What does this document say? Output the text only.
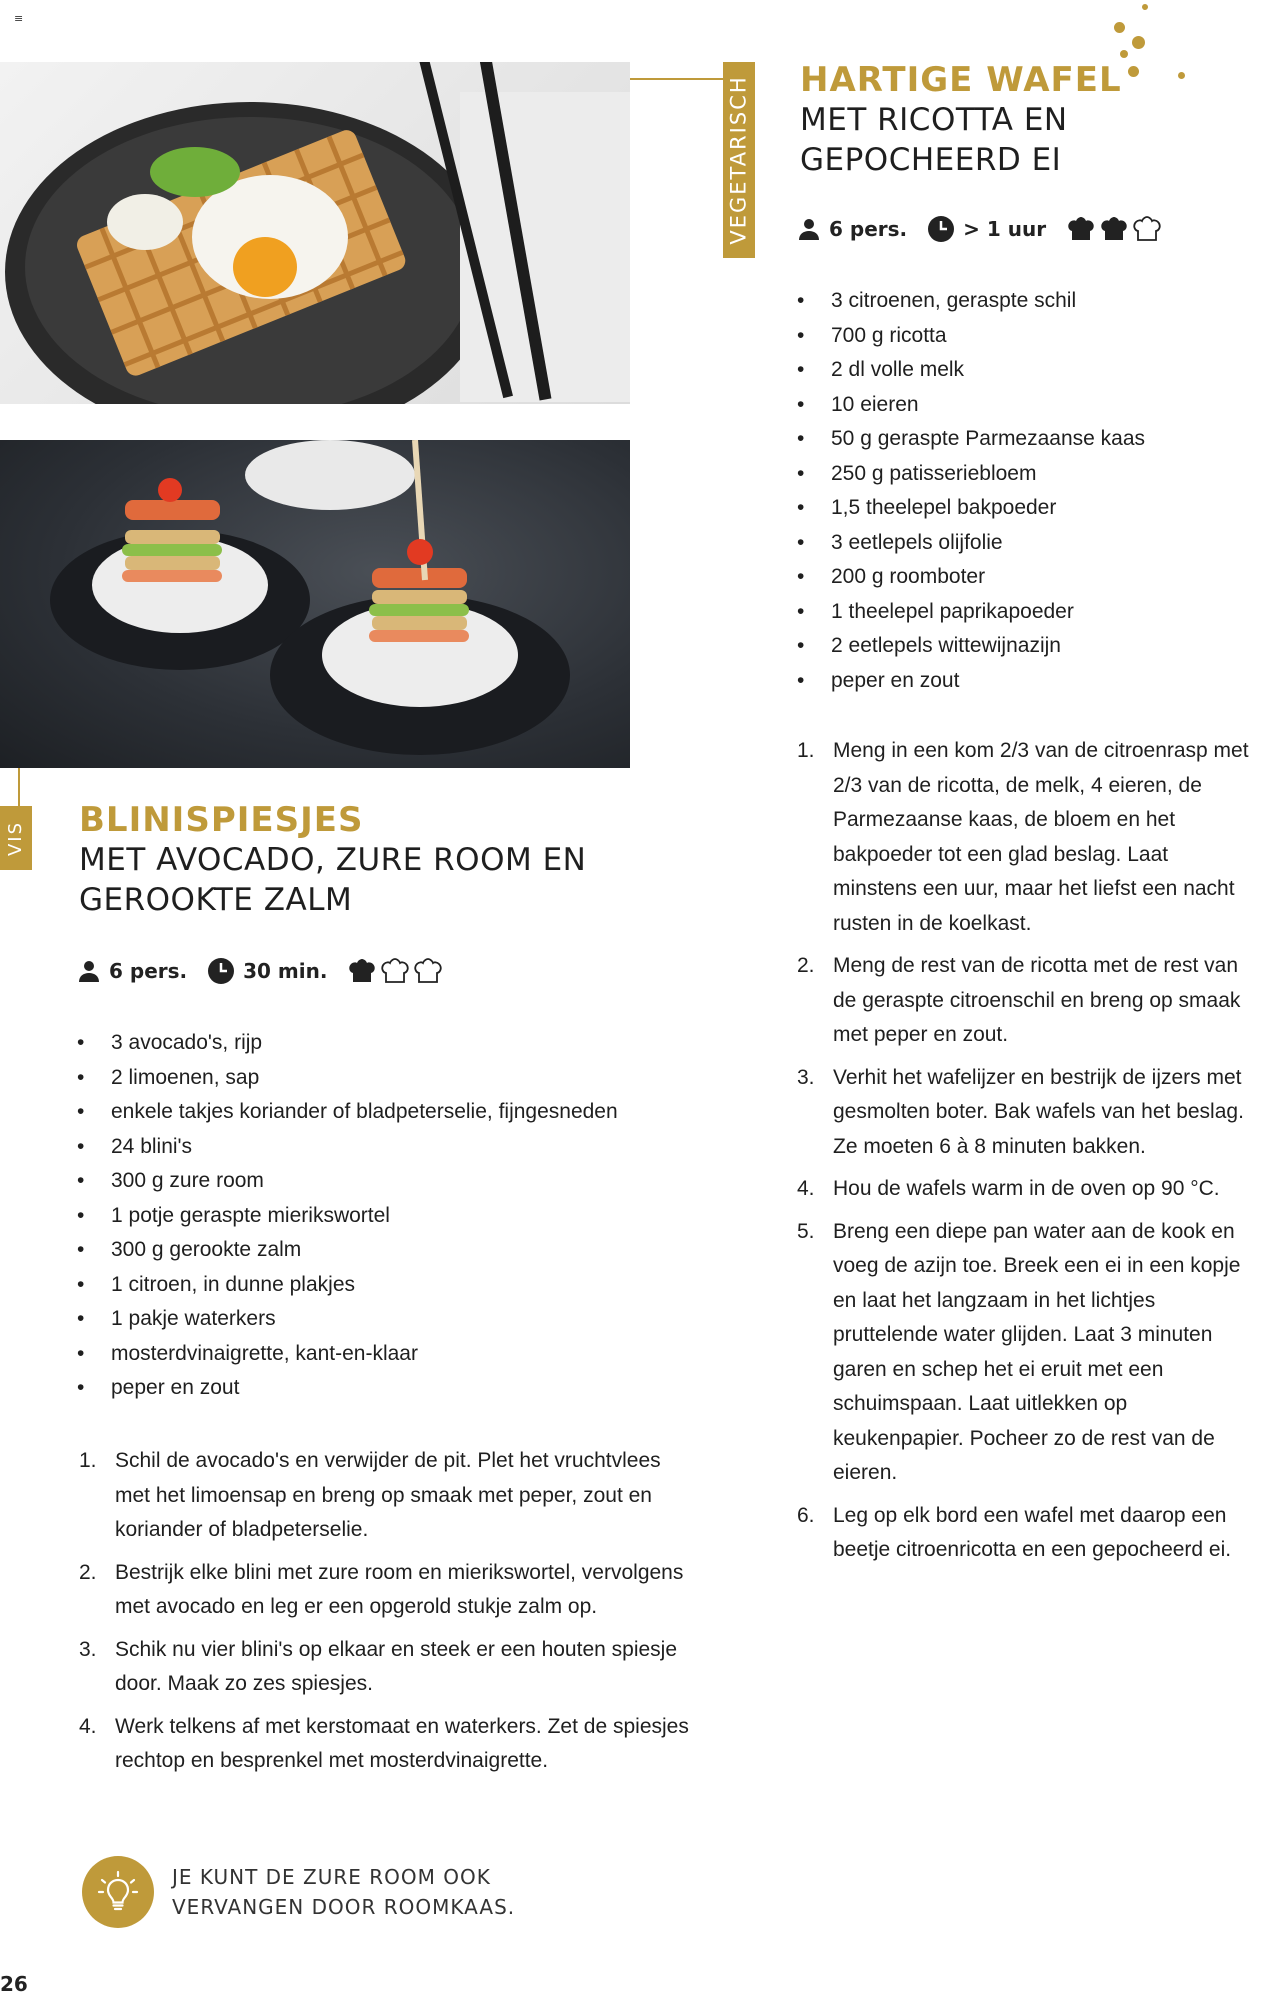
≡
VEGETARISCH HARTIGE WAFEL
MET RICOTTA EN
GEPOCHEERD EI
6 pers.	> 1 uur
• 3 citroenen, geraspte schil
• 700 g ricotta
• 2 dl volle melk
• 10 eieren
• 50 g geraspte Parmezaanse kaas
• 250 g patisseriebloem
• 1,5 theelepel bakpoeder
• 3 eetlepels olijfolie
• 200 g roomboter
• 1 theelepel paprikapoeder
• 2 eetlepels wittewijnazijn
• peper en zout
1. Meng in een kom 2/3 van de citroenrasp met 2/3 van de ricotta, de melk, 4 eieren, de Parmezaanse kaas, de bloem en het bakpoeder tot een glad beslag. Laat minstens een uur, maar het liefst een nacht rusten in de koelkast.
2. Meng de rest van de ricotta met de rest van de geraspte citroenschil en breng op smaak met peper en zout.
3. Verhit het wafelijzer en bestrijk de ijzers met gesmolten boter. Bak wafels van het beslag. Ze moeten 6 à 8 minuten bakken.
4. Hou de wafels warm in de oven op 90 °C.
5. Breng een diepe pan water aan de kook en voeg de azijn toe. Breek een ei in een kopje en laat het langzaam in het lichtjes pruttelende water glijden. Laat 3 minuten garen en schep het ei eruit met een schuimspaan. Laat uitlekken op keukenpapier. Pocheer zo de rest van de eieren.
6. Leg op elk bord een wafel met daarop een beetje citroenricotta en een gepocheerd ei.
VIS BLINISPIESJES
MET AVOCADO, ZURE ROOM EN
GEROOKTE ZALM
6 pers.	30 min.
• 3 avocado's, rijp
• 2 limoenen, sap
• enkele takjes koriander of bladpeterselie, fijngesneden
• 24 blini's
• 300 g zure room
• 1 potje geraspte mierikswortel
• 300 g gerookte zalm
• 1 citroen, in dunne plakjes
• 1 pakje waterkers
• mosterdvinaigrette, kant-en-klaar
• peper en zout
1. Schil de avocado's en verwijder de pit. Plet het vruchtvlees met het limoensap en breng op smaak met peper, zout en koriander of bladpeterselie.
2. Bestrijk elke blini met zure room en mierikswortel, vervolgens met avocado en leg er een opgerold stukje zalm op.
3. Schik nu vier blini's op elkaar en steek er een houten spiesje door. Maak zo zes spiesjes.
4. Werk telkens af met kerstomaat en waterkers. Zet de spiesjes rechtop en besprenkel met mosterdvinaigrette.
JE KUNT DE ZURE ROOM OOK
VERVANGEN DOOR ROOMKAAS.
26
